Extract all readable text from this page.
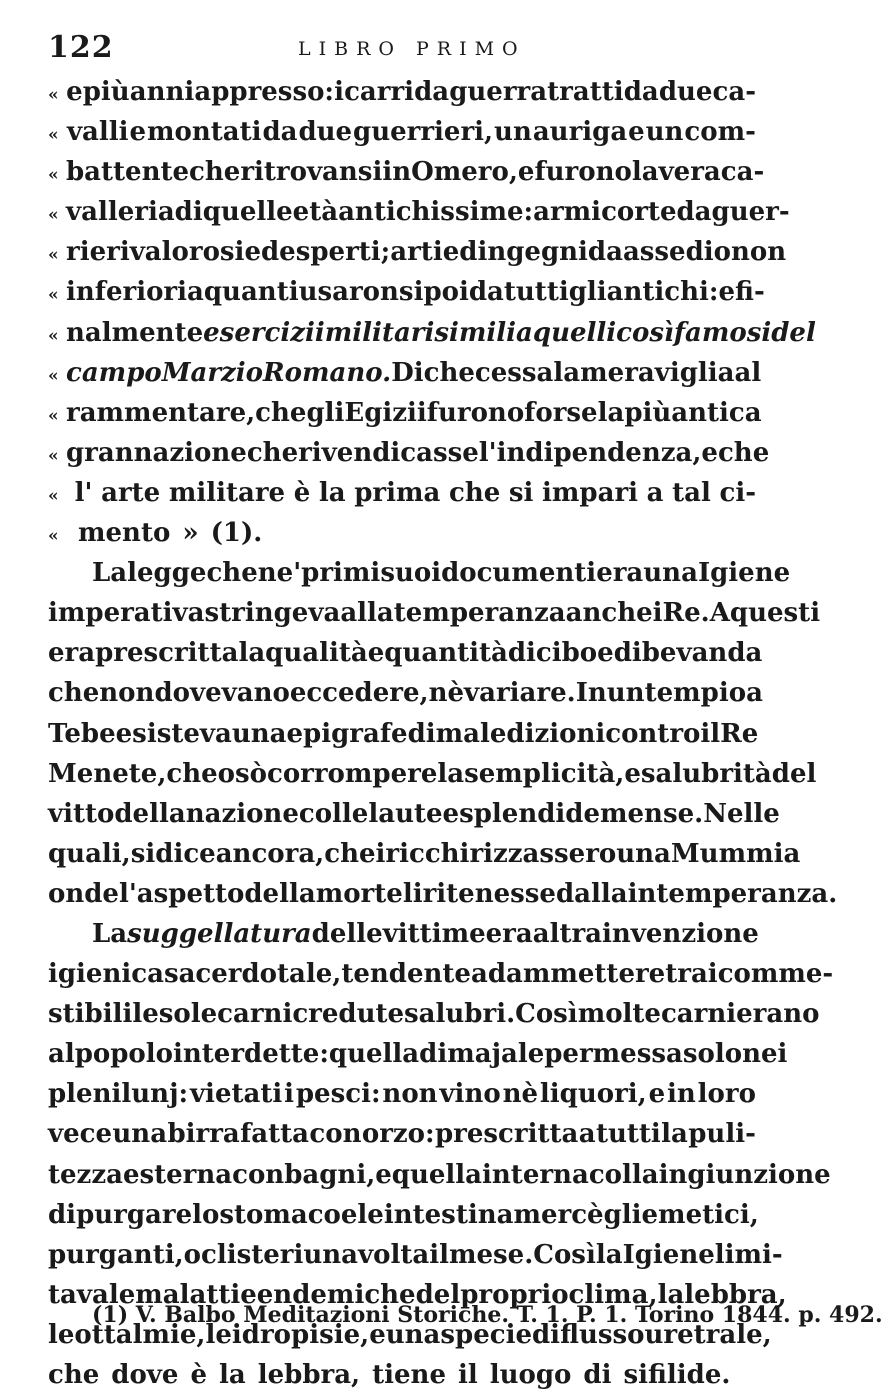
122	LIBRO PRIMO
« e più anni appresso: i carri da guerra tratti da due ca-
« valli e montati da due guerrieri, un auriga e un com-
« battente che ritrovansi in Omero, e furono la vera ca-
« valleria di quelle età antichissime: armi corte da guer-
« rieri valorosi ed esperti; arti ed ingegni da assedio non
« inferiori a quanti usaronsi poi da tutti gli antichi: e fi-
« nalmente esercizii militari simili a quelli così famosi del
« campo Marzio Romano. Di che cessa la meraviglia al
« rammentare, che gli Egizii furono forse la più antica
« gran nazione che rivendicasse l' indipendenza , e che
« l' arte militare è la prima che si impari a tal ci-
« mento » (1).
La legge che ne' primi suoi documenti era una Igiene
imperativa stringeva alla temperanza anche i Re. A questi
era prescritta la qualità e quantità di cibo e di bevanda
che non dovevano eccedere, nè variare. In un tempio a
Tebe esisteva una epigrafe di maledizioni contro il Re
Menete, che osò corrompere la semplicità, e salubrità del
vitto della nazione colle laute e splendide mense. Nelle
quali, si dice ancora, che i ricchi rizzassero una Mummia
onde l'aspetto della morte li ritenesse dalla intemperanza.
La suggellatura delle vittime era altra invenzione
igienica sacerdotale, tendente ad ammettere tra i comme-
stibili le sole carni credute salubri. Così molte carni erano
al popolo interdette: quella di majale permessa solo nei
plenilunj: vietati i pesci: non vino nè liquori, e in loro
vece una birra fatta con orzo: prescritta a tutti la puli-
tezza esterna con bagni, e quella interna colla ingiunzione
di purgare lo stomaco e le intestina mercè gli emetici ,
purganti, o clisteri una volta il mese. Così la Igiene limi-
tava le malattie endemiche del proprio clima , la lebbra,
le ottalmie, le idropisie, e una specie di flusso uretrale,
che dove è la lebbra, tiene il luogo di sifilide.
(1) V. Balbo Meditazioni Storiche. T. 1. P. 1. Torino 1844. p. 492.
